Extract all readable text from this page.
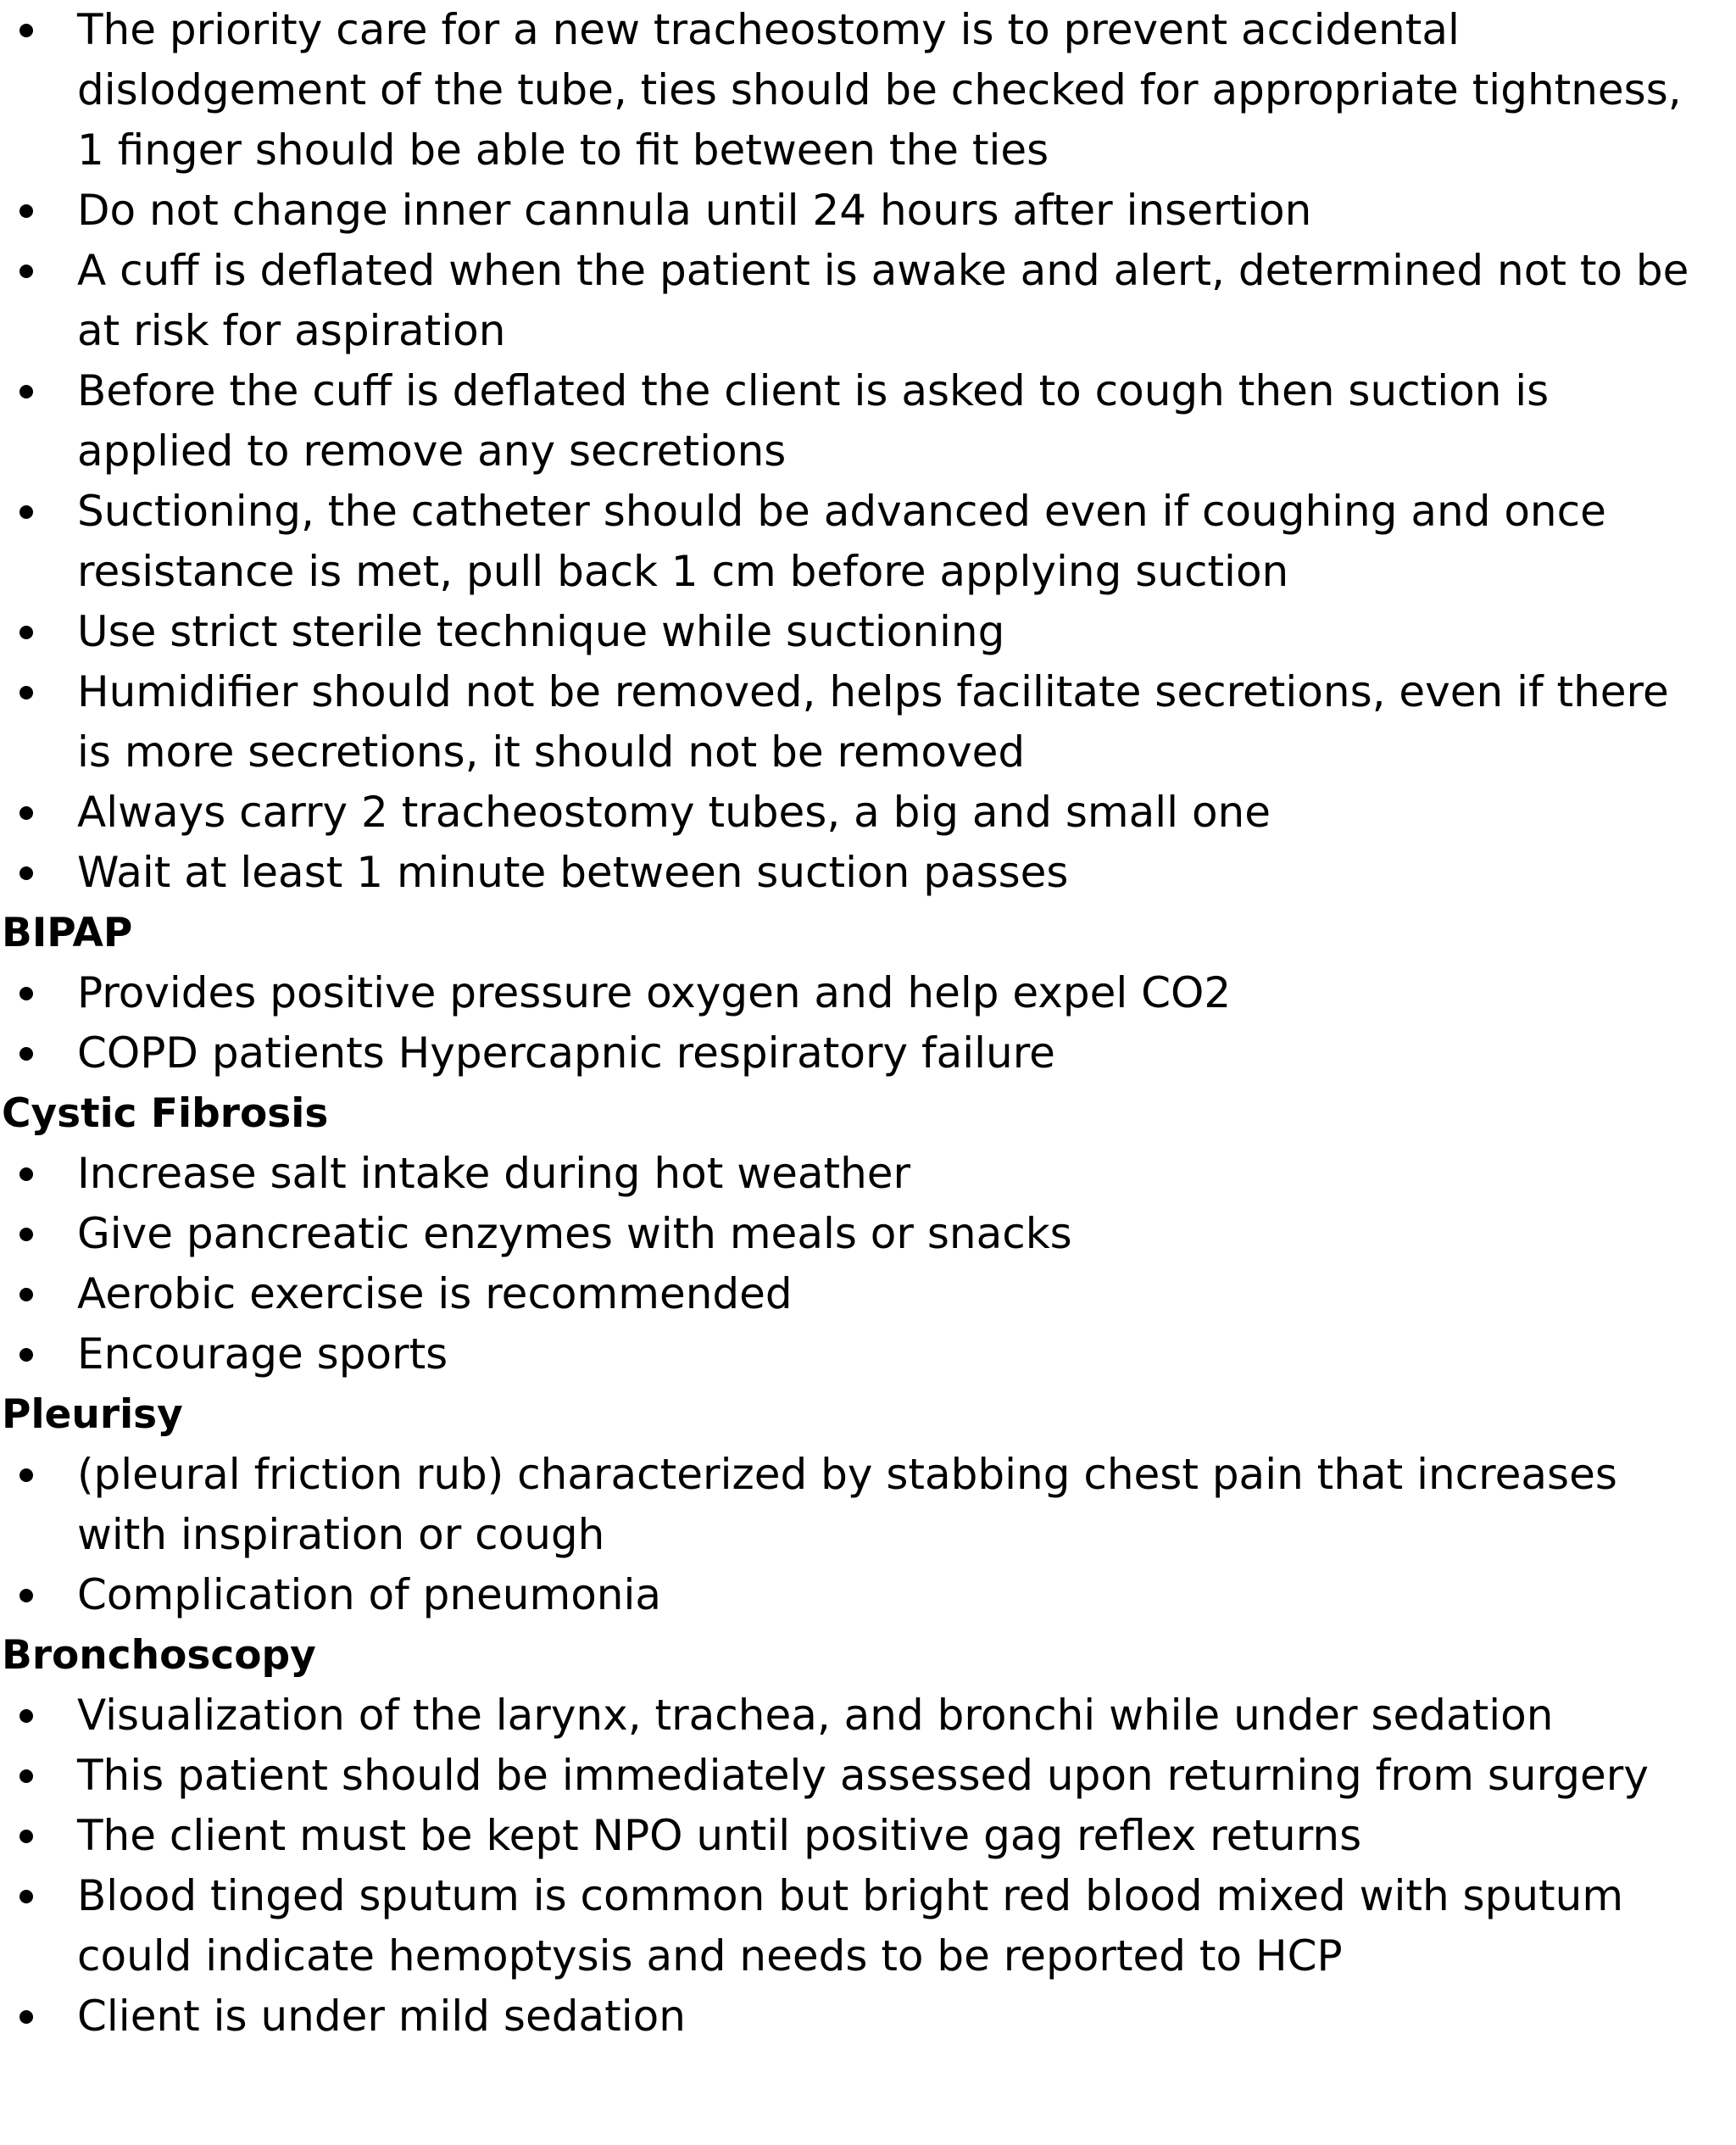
The priority care for a new tracheostomy is to prevent accidental dislodgement of the tube, ties should be checked for appropriate tightness, 1 finger should be able to fit between the ties
Do not change inner cannula until 24 hours after insertion
A cuff is deflated when the patient is awake and alert, determined not to be at risk for aspiration
Before the cuff is deflated the client is asked to cough then suction is applied to remove any secretions
Suctioning, the catheter should be advanced even if coughing and once resistance is met, pull back 1 cm before applying suction
Use strict sterile technique while suctioning
Humidifier should not be removed, helps facilitate secretions, even if there is more secretions, it should not be removed
Always carry 2 tracheostomy tubes, a big and small one
Wait at least 1 minute between suction passes
BIPAP
Provides positive pressure oxygen and help expel CO2
COPD patients Hypercapnic respiratory failure
Cystic Fibrosis
Increase salt intake during hot weather
Give pancreatic enzymes with meals or snacks
Aerobic exercise is recommended
Encourage sports
Pleurisy
(pleural friction rub) characterized by stabbing chest pain that increases with inspiration or cough
Complication of pneumonia
Bronchoscopy
Visualization of the larynx, trachea, and bronchi while under sedation
This patient should be immediately assessed upon returning from surgery
The client must be kept NPO until positive gag reflex returns
Blood tinged sputum is common but bright red blood mixed with sputum could indicate hemoptysis and needs to be reported to HCP
Client is under mild sedation
